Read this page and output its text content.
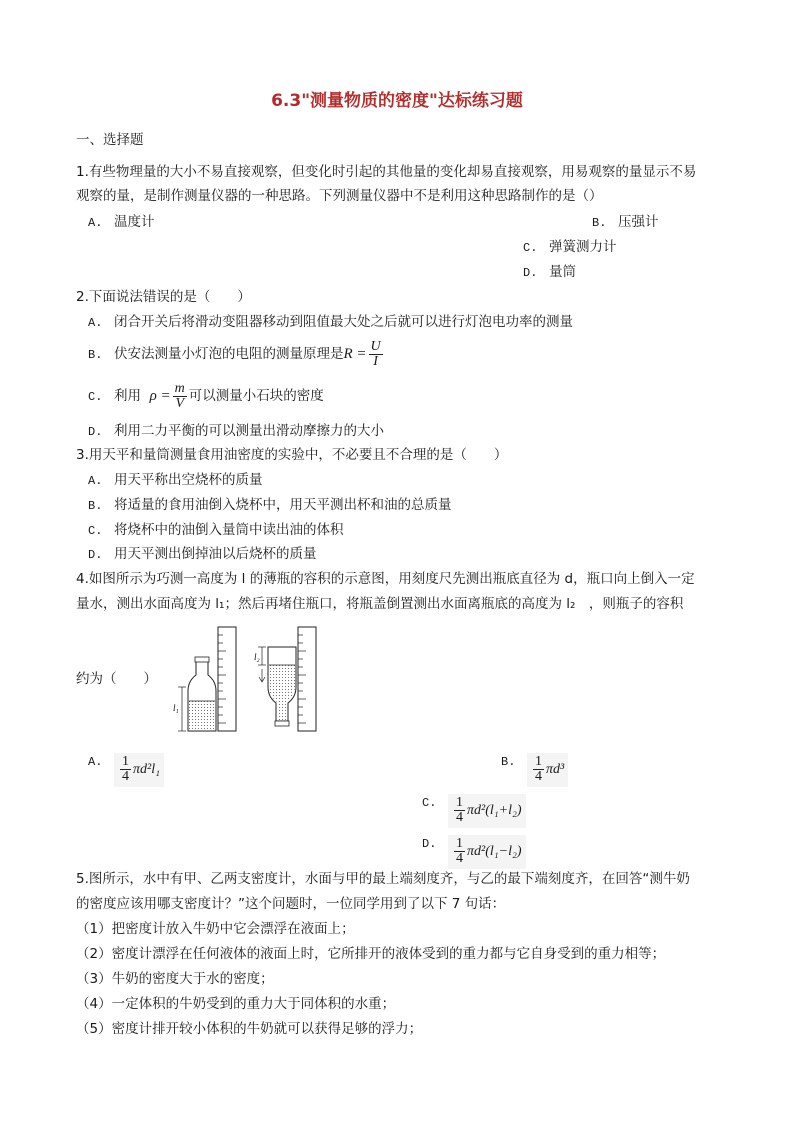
6.3"测量物质的密度"达标练习题
一、选择题
1.有些物理量的大小不易直接观察，但变化时引起的其他量的变化却易直接观察，用易观察的量显示不易
观察的量，是制作测量仪器的一种思路。下列测量仪器中不是利用这种思路制作的是（）
A. 温度计	B. 压强计
C. 弹簧测力计
D. 量筒
2.下面说法错误的是（　　）
A. 闭合开关后将滑动变阻器移动到阻值最大处之后就可以进行灯泡电功率的测量
B. 伏安法测量小灯泡的电阻的测量原理是$R = \frac{U}{I}$
C. 利用 $\rho = \frac{m}{V}$ 可以测量小石块的密度
D. 利用二力平衡的可以测量出滑动摩擦力的大小
3.用天平和量筒测量食用油密度的实验中，不必要且不合理的是（　　）
A. 用天平称出空烧杯的质量
B. 将适量的食用油倒入烧杯中，用天平测出杯和油的总质量
C. 将烧杯中的油倒入量筒中读出油的体积
D. 用天平测出倒掉油以后烧杯的质量
4.如图所示为巧测一高度为 l 的薄瓶的容积的示意图，用刻度尺先测出瓶底直径为 d，瓶口向上倒入一定
量水，测出水面高度为 l₁；然后再堵住瓶口，将瓶盖倒置测出水面离瓶底的高度为 l₂　，则瓶子的容积
约为（　　）
l₁
l₂
A. $\frac{1}{4} \pi d^2l_1$	B. $\frac{1}{4} \pi d^3$
C. $\frac{1}{4} \pi d^2(l_1+l_2)$
D. $\frac{1}{4} \pi d^2(l_1-l_2)$
5.图所示，水中有甲、乙两支密度计，水面与甲的最上端刻度齐，与乙的最下端刻度齐，在回答“测牛奶
的密度应该用哪支密度计？”这个问题时，一位同学用到了以下 7 句话：
（1）把密度计放入牛奶中它会漂浮在液面上；
（2）密度计漂浮在任何液体的液面上时，它所排开的液体受到的重力都与它自身受到的重力相等；
（3）牛奶的密度大于水的密度；
（4）一定体积的牛奶受到的重力大于同体积的水重；
（5）密度计排开较小体积的牛奶就可以获得足够的浮力；
